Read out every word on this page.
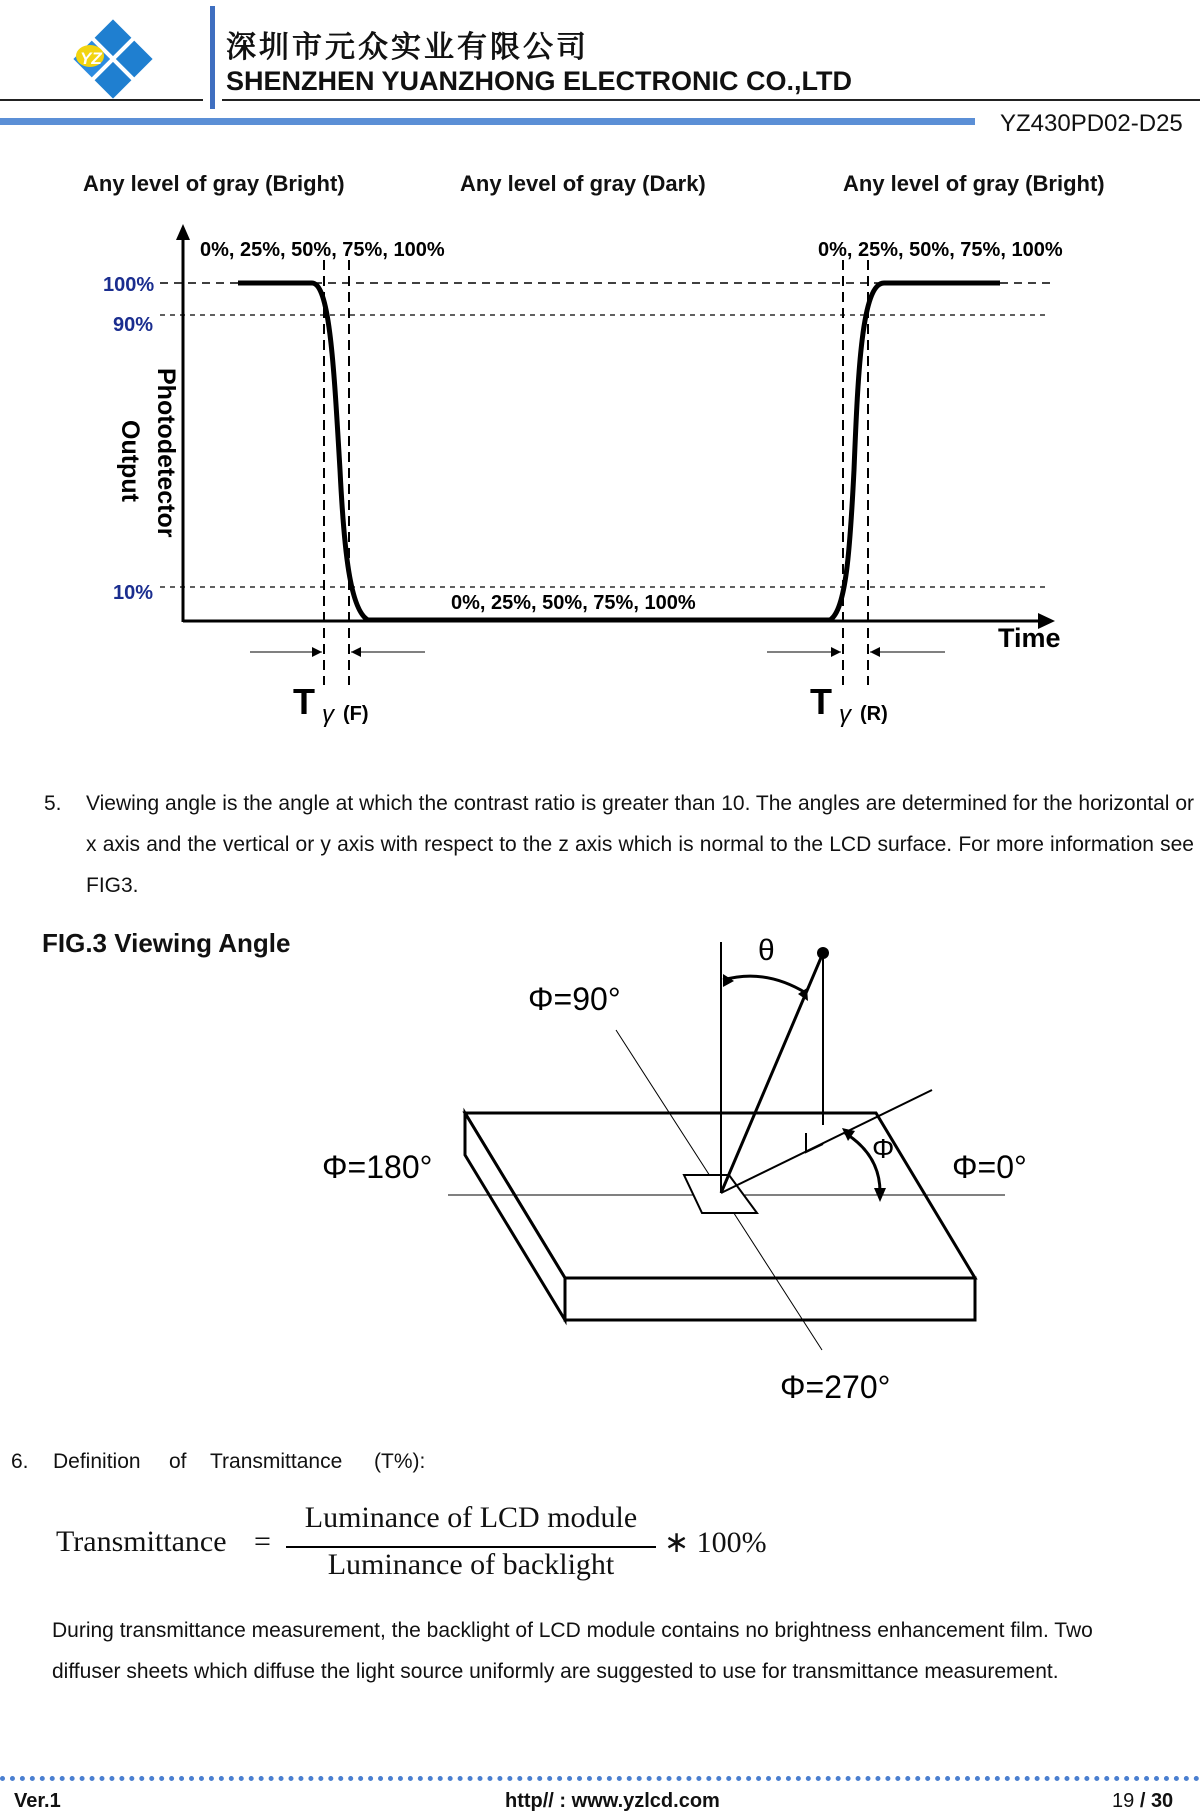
YZ	深圳市元众实业有限公司
SHENZHEN YUANZHONG ELECTRONIC CO.,LTD
YZ430PD02-D25
Any level of gray (Bright)	Any level of gray (Dark)	Any level of gray (Bright)
0%, 25%, 50%, 75%, 100%	0%, 25%, 50%, 75%, 100%
0%, 25%, 50%, 75%, 100%
100%
90%
10%
Time
Photodetector
Output
T γ (F)	T γ (R)
5. Viewing angle is the angle at which the contrast ratio is greater than 10. The angles are determined for the horizontal or x axis and the vertical or y axis with respect to the z axis which is normal to the LCD surface. For more information see FIG3.
FIG.3 Viewing Angle	θ
Φ
Φ=90°
Φ=180°	Φ=0°
Φ=270°
6. Definition of Transmittance (T%):
Transmittance =
Luminance of LCD module
Luminance of backlight
∗ 100%
During transmittance measurement, the backlight of LCD module contains no brightness enhancement film. Two diffuser sheets which diffuse the light source uniformly are suggested to use for transmittance measurement.
Ver.1	http// : www.yzlcd.com	19 / 30
